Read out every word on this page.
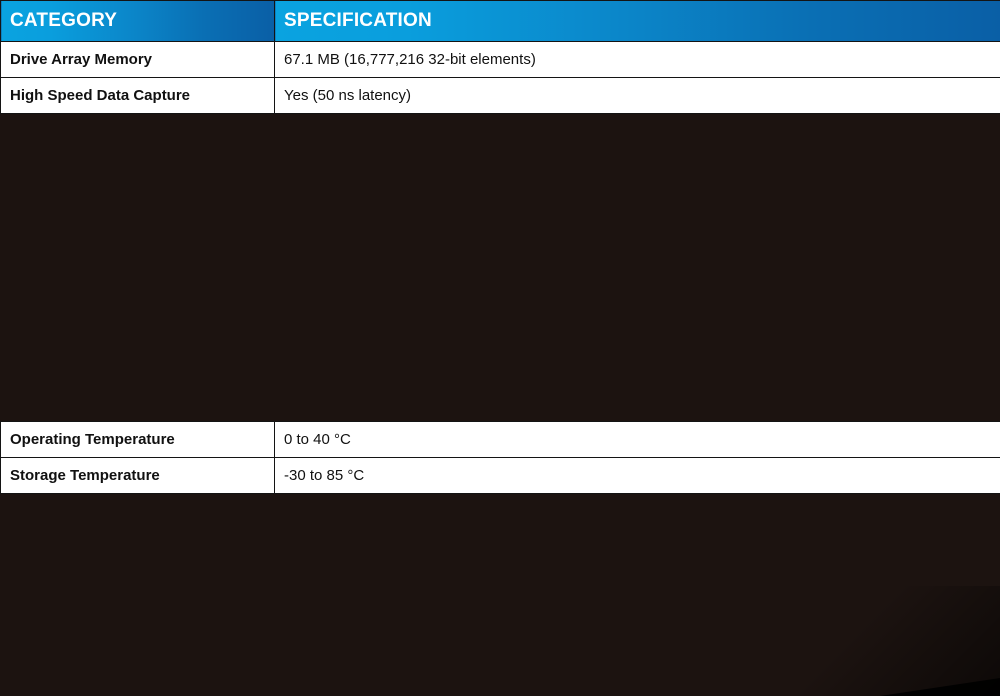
CATEGORY	SPECIFICATION

Drive Array Memory	67.1 MB (16,777,216 32-bit elements)

High Speed Data Capture	Yes (50 ns latency)
Operating Temperature	0 to 40 °C

Storage Temperature	-30 to 85 °C
